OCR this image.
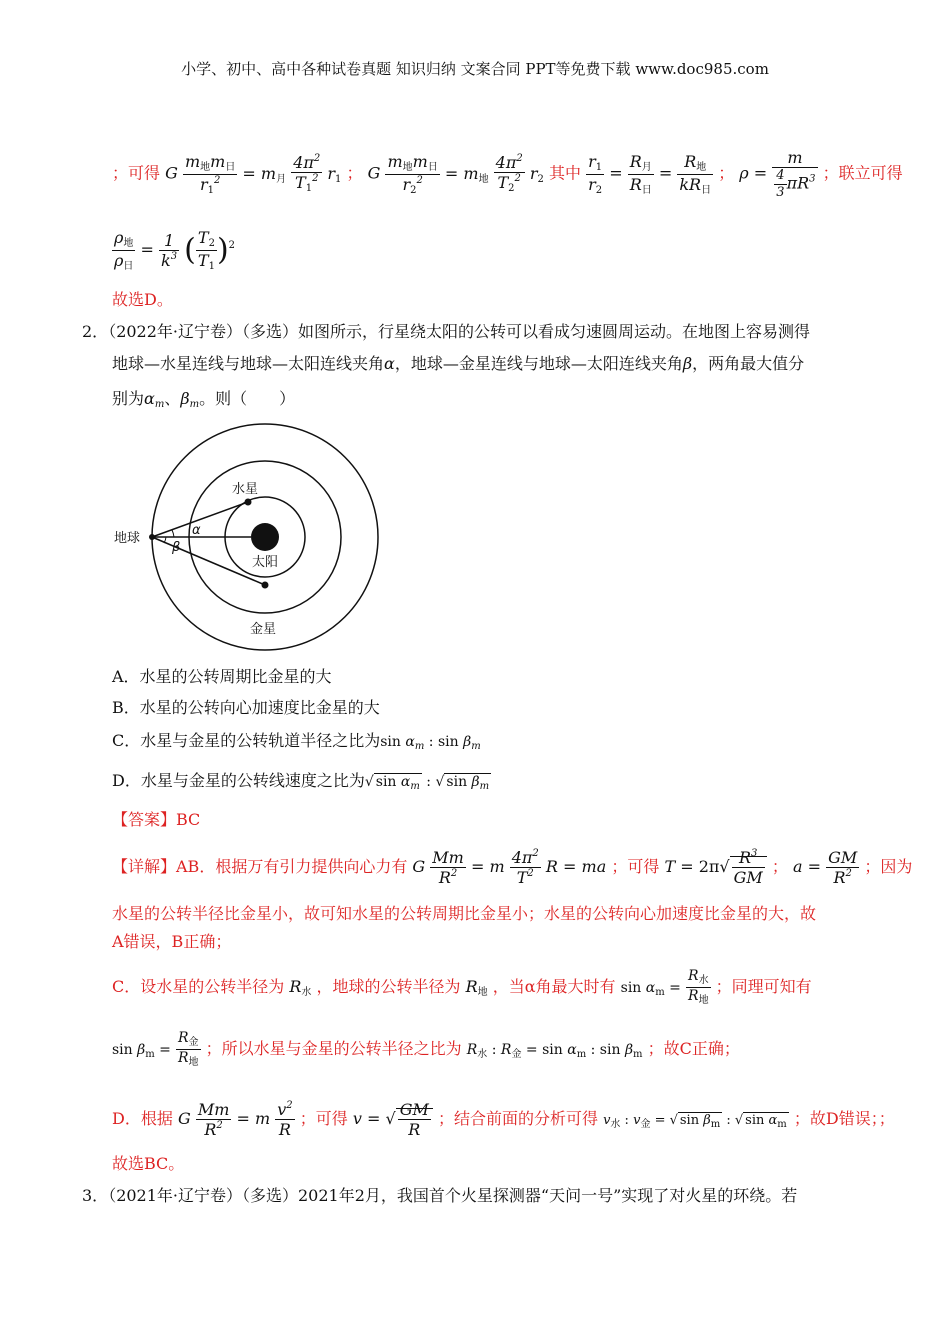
小学、初中、高中各种试卷真题 知识归纳 文案合同 PPT等免费下载 www.doc985.com
；可得 G $\frac{m_地m_日}{r_1^2} = m_月 \frac{4\pi^2}{T_1^2} r_1$ ； G $\frac{m_地m_日}{r_2^2} = m_地 \frac{4\pi^2}{T_2^2} r_2$ 其中 $\frac{r_1}{r_2} = \frac{R_月}{R_日} = \frac{R_地}{kR_日}$ ； $\rho = \frac{m}{\frac{4}{3} \pi R^3}$ ；联立可得
$\frac{\rho_地}{\rho_日} = \frac{1}{k^3}$ ( $\frac{T_2}{T_1} )^2$
故选D。
2．（2022年·辽宁卷）（多选）如图所示，行星绕太阳的公转可以看成匀速圆周运动。在地图上容易测得
地球—水星连线与地球—太阳连线夹角α，地球—金星连线与地球—太阳连线夹角β，两角最大值分
别为$\alpha_m$、$\beta_m$。则（　　）
地球
水星
太阳
金星
α
β
A．水星的公转周期比金星的大
B．水星的公转向心加速度比金星的大
C．水星与金星的公转轨道半径之比为$\sin \alpha_m$ : $\sin \beta_m$
D．水星与金星的公转线速度之比为√ $\sin \alpha_m$ : √ $\sin \beta_m$
【答案】BC
【详解】AB．根据万有引力提供向心力有 G $\frac{Mm}{R^2} = m \frac{4\pi^2}{T^2}$ R = ma ；可得 $T = 2\pi√ \frac{R^3}{GM}$ ； $a = \frac{GM}{R^2}$ ；因为
水星的公转半径比金星小，故可知水星的公转周期比金星小；水星的公转向心加速度比金星的大，故
A错误，B正确；
C．设水星的公转半径为 $R_水$ ，地球的公转半径为 $R_地$ ，当α角最大时有 $\sin \alpha_m = \frac{R_水}{R_地}$ ；同理可知有
$\sin \beta_m = \frac{R_金}{R_地}$ ；所以水星与金星的公转半径之比为 $R_水$ : $R_金 = \sin \alpha_m$ : $\sin \beta_m$ ；故C正确；
D．根据 G $\frac{Mm}{R^2} = m \frac{v^2}{R}$ ；可得 v = √ $\frac{GM}{R}$ ；结合前面的分析可得 $v_水$ : $v_金$ = √ $\sin \beta_m$ : √ $\sin \alpha_m$ ；故D错误；；
故选BC。
3．（2021年·辽宁卷）（多选）2021年2月，我国首个火星探测器“天问一号”实现了对火星的环绕。若
